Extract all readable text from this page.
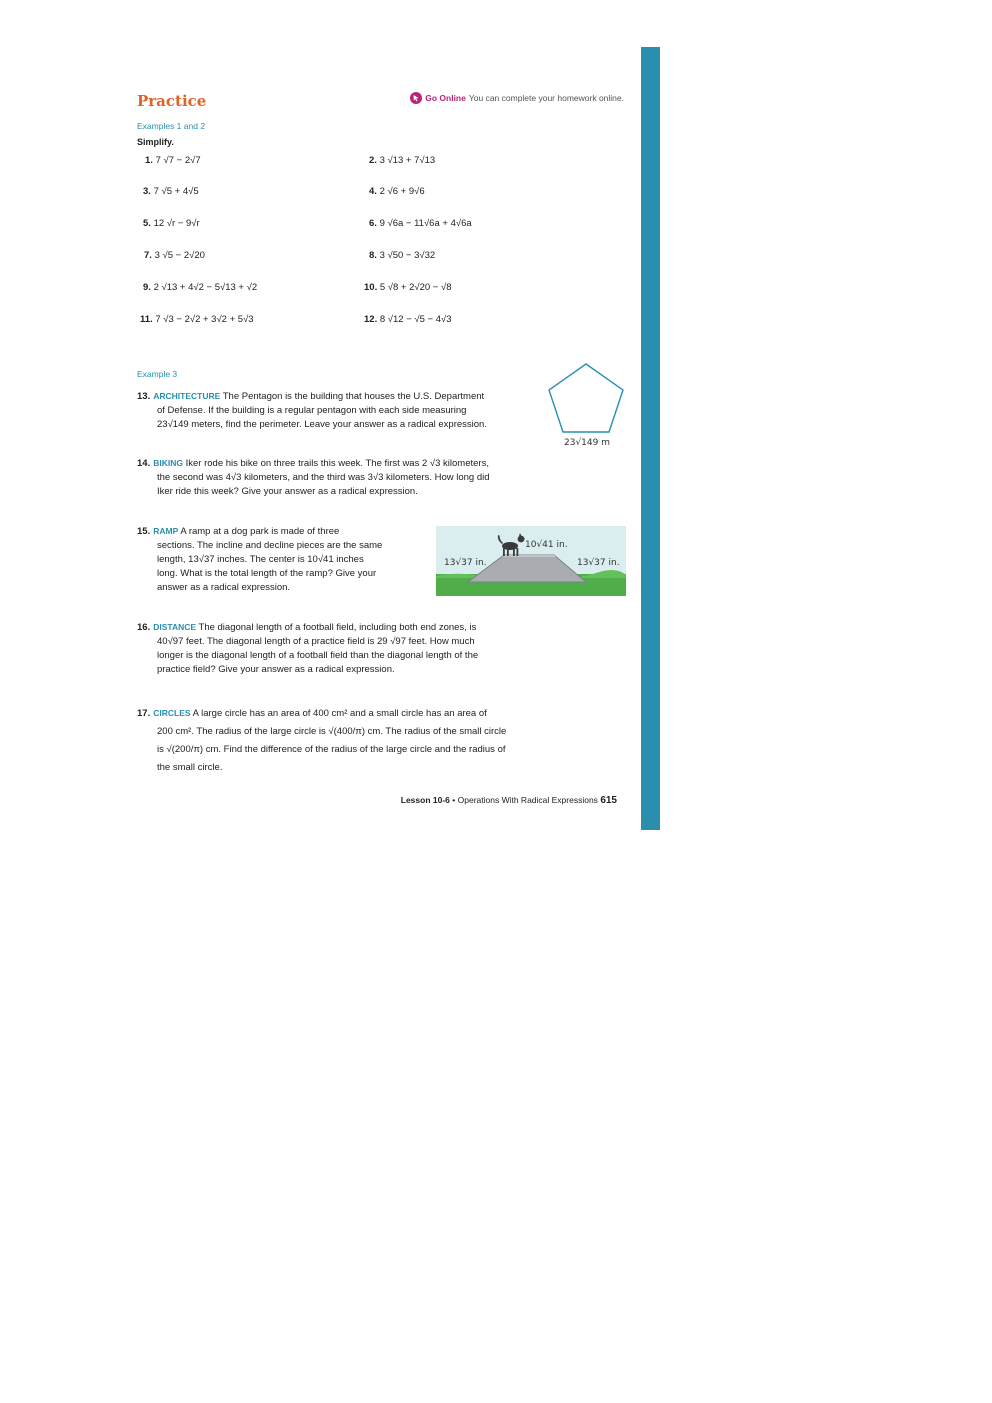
Practice	Go Online You can complete your homework online.
Examples 1 and 2
Simplify.
1. 7 √7 − 2√7	2. 3 √13 + 7√13
3. 7 √5 + 4√5	4. 2 √6 + 9√6
5. 12 √r − 9√r	6. 9 √6a − 11√6a + 4√6a
7. 3 √5 − 2√20	8. 3 √50 − 3√32
9. 2 √13 + 4√2 − 5√13 + √2	10. 5 √8 + 2√20 − √8
11. 7 √3 − 2√2 + 3√2 + 5√3	12. 8 √12 − √5 − 4√3
Example 3
13. ARCHITECTURE The Pentagon is the building that houses the U.S. Department
of Defense. If the building is a regular pentagon with each side measuring
23√149 meters, find the perimeter. Leave your answer as a radical expression.
23√149 m
14. BIKING Iker rode his bike on three trails this week. The first was 2 √3 kilometers,
the second was 4√3 kilometers, and the third was 3√3 kilometers. How long did
Iker ride this week? Give your answer as a radical expression.
15. RAMP A ramp at a dog park is made of three
sections. The incline and decline pieces are the same
length, 13√37 inches. The center is 10√41 inches
long. What is the total length of the ramp? Give your
answer as a radical expression.
10√41 in.
13√37 in.	13√37 in.
16. DISTANCE The diagonal length of a football field, including both end zones, is
40√97 feet. The diagonal length of a practice field is 29 √97 feet. How much
longer is the diagonal length of a football field than the diagonal length of the
practice field? Give your answer as a radical expression.
17. CIRCLES A large circle has an area of 400 cm² and a small circle has an area of
200 cm². The radius of the large circle is √(400/π) cm. The radius of the small circle
is √(200/π) cm. Find the difference of the radius of the large circle and the radius of
the small circle.
Lesson 10-6 • Operations With Radical Expressions 615
